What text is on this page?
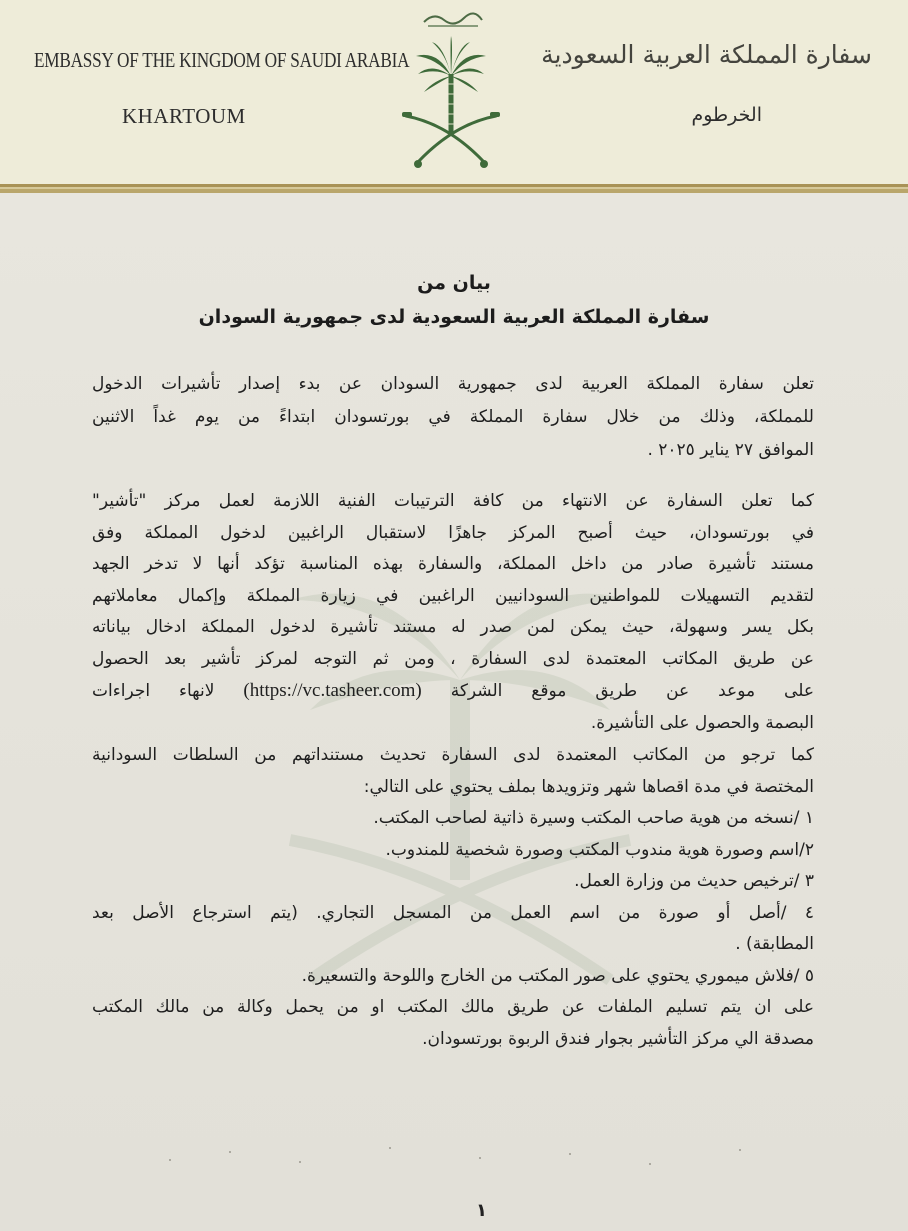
EMBASSY OF THE KINGDOM OF SAUDI ARABIA
KHARTOUM
سفارة المملكة العربية السعودية
الخرطوم
بيان من
سفارة المملكة العربية السعودية لدى جمهورية السودان
تعلن سفارة المملكة العربية لدى جمهورية السودان عن بدء إصدار تأشيرات الدخول
للمملكة، وذلك من خلال سفارة المملكة في بورتسودان ابتداءً من يوم غداً الاثنين
الموافق ٢٧ يناير ٢٠٢٥ .
كما تعلن السفارة عن الانتهاء من كافة الترتيبات الفنية اللازمة لعمل مركز "تأشير"
في بورتسودان، حيث أصبح المركز جاهزًا لاستقبال الراغبين لدخول المملكة وفق
مستند تأشيرة صادر من داخل المملكة، والسفارة بهذه المناسبة تؤكد أنها لا تدخر الجهد
لتقديم التسهيلات للمواطنين السودانيين الراغبين في زيارة المملكة وإكمال معاملاتهم
بكل يسر وسهولة، حيث يمكن لمن صدر له مستند تأشيرة لدخول المملكة ادخال بياناته
عن طريق المكاتب المعتمدة لدى السفارة ، ومن ثم التوجه لمركز تأشير بعد الحصول
على موعد عن طريق موقع الشركة (https://vc.tasheer.com) لانهاء اجراءات
البصمة والحصول على التأشيرة.
كما ترجو من المكاتب المعتمدة لدى السفارة تحديث مستنداتهم من السلطات السودانية
المختصة في مدة اقصاها شهر وتزويدها بملف يحتوي على التالي:
١ /نسخه من هوية صاحب المكتب وسيرة ذاتية لصاحب المكتب.
٢/اسم وصورة هوية مندوب المكتب وصورة شخصية للمندوب.
٣ /ترخيص حديث من وزارة العمل.
٤ /أصل أو صورة من اسم العمل من المسجل التجاري. (يتم استرجاع الأصل بعد
المطابقة) .
٥ /فلاش ميموري يحتوي على صور المكتب من الخارج واللوحة والتسعيرة.
على ان يتم تسليم الملفات عن طريق مالك المكتب او من يحمل وكالة من مالك المكتب
مصدقة الي مركز التأشير بجوار فندق الربوة بورتسودان.
١
